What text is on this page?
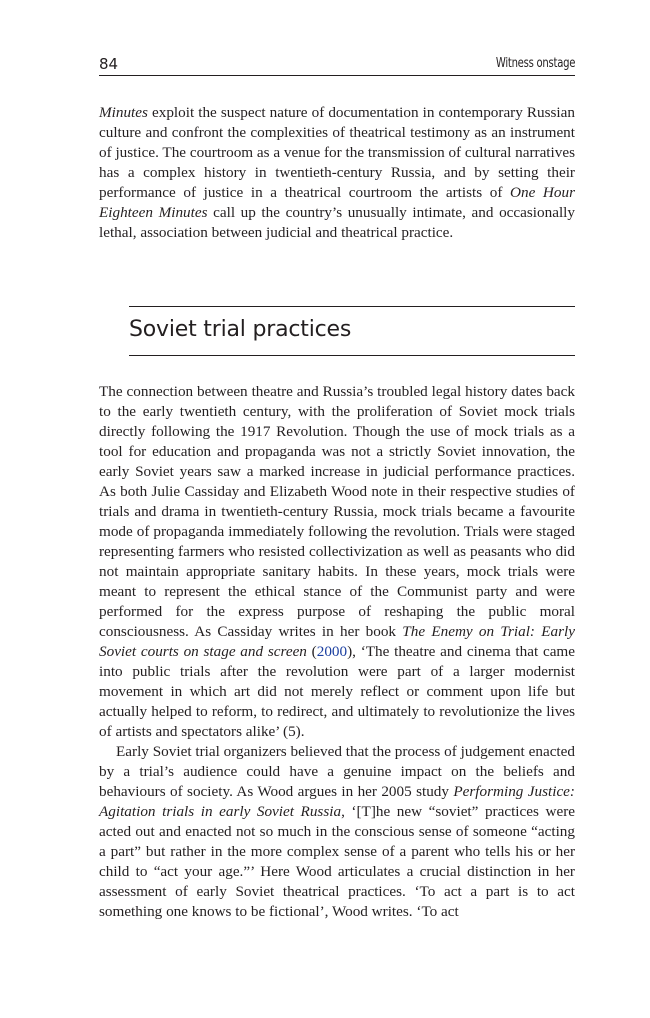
84	Witness onstage

Minutes exploit the suspect nature of documentation in contemporary Russian culture and confront the complexities of theatrical testimony as an instrument of justice. The courtroom as a venue for the transmission of cultural narratives has a complex history in twentieth-century Russia, and by setting their performance of justice in a theatrical courtroom the artists of One Hour Eighteen Minutes call up the country’s unusually intimate, and occasionally lethal, association between judicial and theatrical practice.

Soviet trial practices

The connection between theatre and Russia’s troubled legal history dates back to the early twentieth century, with the proliferation of Soviet mock trials directly following the 1917 Revolution. Though the use of mock trials as a tool for education and propaganda was not a strictly Soviet innovation, the early Soviet years saw a marked increase in judicial performance practices. As both Julie Cassiday and Elizabeth Wood note in their respective studies of trials and drama in twentieth-century Russia, mock trials became a favourite mode of propaganda immediately following the revolution. Trials were staged representing farmers who resisted collectivization as well as peasants who did not maintain appropriate sanitary habits. In these years, mock trials were meant to represent the ethical stance of the Communist party and were performed for the express purpose of reshaping the public moral consciousness. As Cassiday writes in her book The Enemy on Trial: Early Soviet courts on stage and screen (2000), ‘The theatre and cinema that came into public trials after the revolution were part of a larger modernist movement in which art did not merely reflect or comment upon life but actually helped to reform, to redirect, and ultimately to revolutionize the lives of artists and spectators alike’ (5).

Early Soviet trial organizers believed that the process of judgement enacted by a trial’s audience could have a genuine impact on the beliefs and behaviours of society. As Wood argues in her 2005 study Performing Justice: Agitation trials in early Soviet Russia, ‘[T]he new “soviet” practices were acted out and enacted not so much in the conscious sense of someone “acting a part” but rather in the more complex sense of a parent who tells his or her child to “act your age.”’ Here Wood articulates a crucial distinction in her assessment of early Soviet theatrical practices. ‘To act a part is to act something one knows to be fictional’, Wood writes. ‘To act
